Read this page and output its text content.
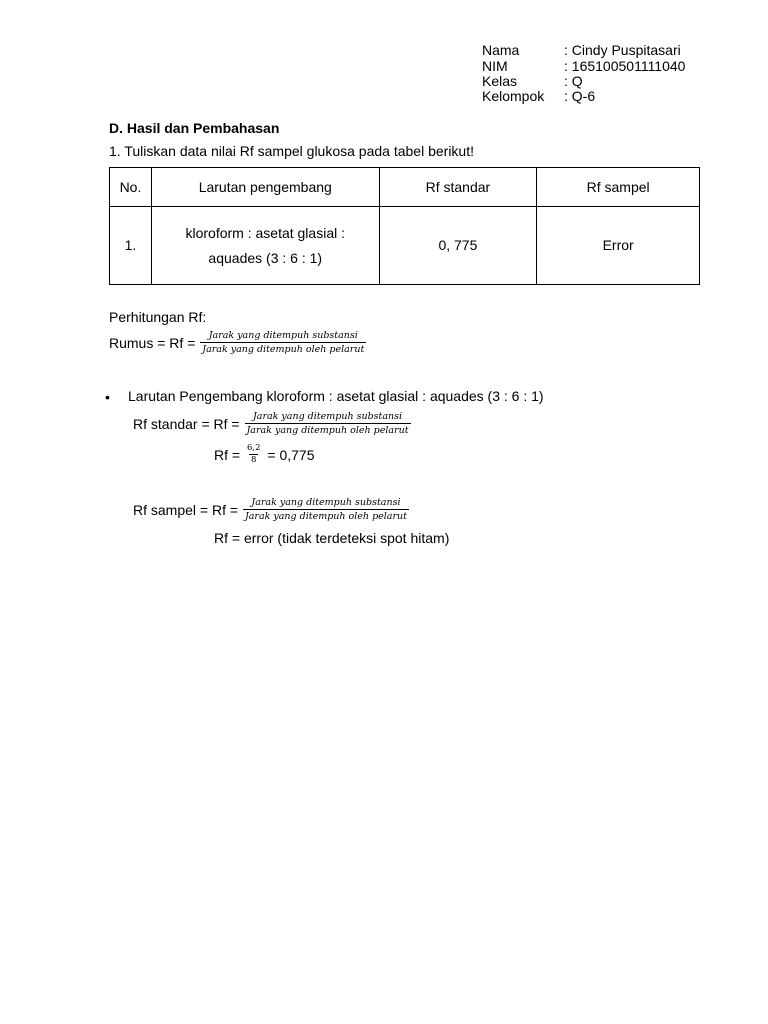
Nama	: Cindy Puspitasari
NIM	: 165100501111040
Kelas	: Q
Kelompok : Q-6
D. Hasil dan Pembahasan
1. Tuliskan data nilai Rf sampel glukosa pada tabel berikut!
No.	Larutan pengembang	Rf standar	Rf sampel
1.	kloroform : asetat glasial :
aquades (3 : 6 : 1)	0, 775	Error
Perhitungan Rf:
Rumus = $Rf = \frac{\text{Jarak yang ditempuh substansi}}{\text{Jarak yang ditempuh oleh pelarut}}$
• Larutan Pengembang kloroform : asetat glasial : aquades (3 : 6 : 1)
Rf standar = $Rf = \frac{\text{Jarak yang ditempuh substansi}}{\text{Jarak yang ditempuh oleh pelarut}}$
$Rf = \frac{6,2}{8} = 0,775$
Rf sampel = $Rf = \frac{\text{Jarak yang ditempuh substansi}}{\text{Jarak yang ditempuh oleh pelarut}}$
Rf = error (tidak terdeteksi spot hitam)
